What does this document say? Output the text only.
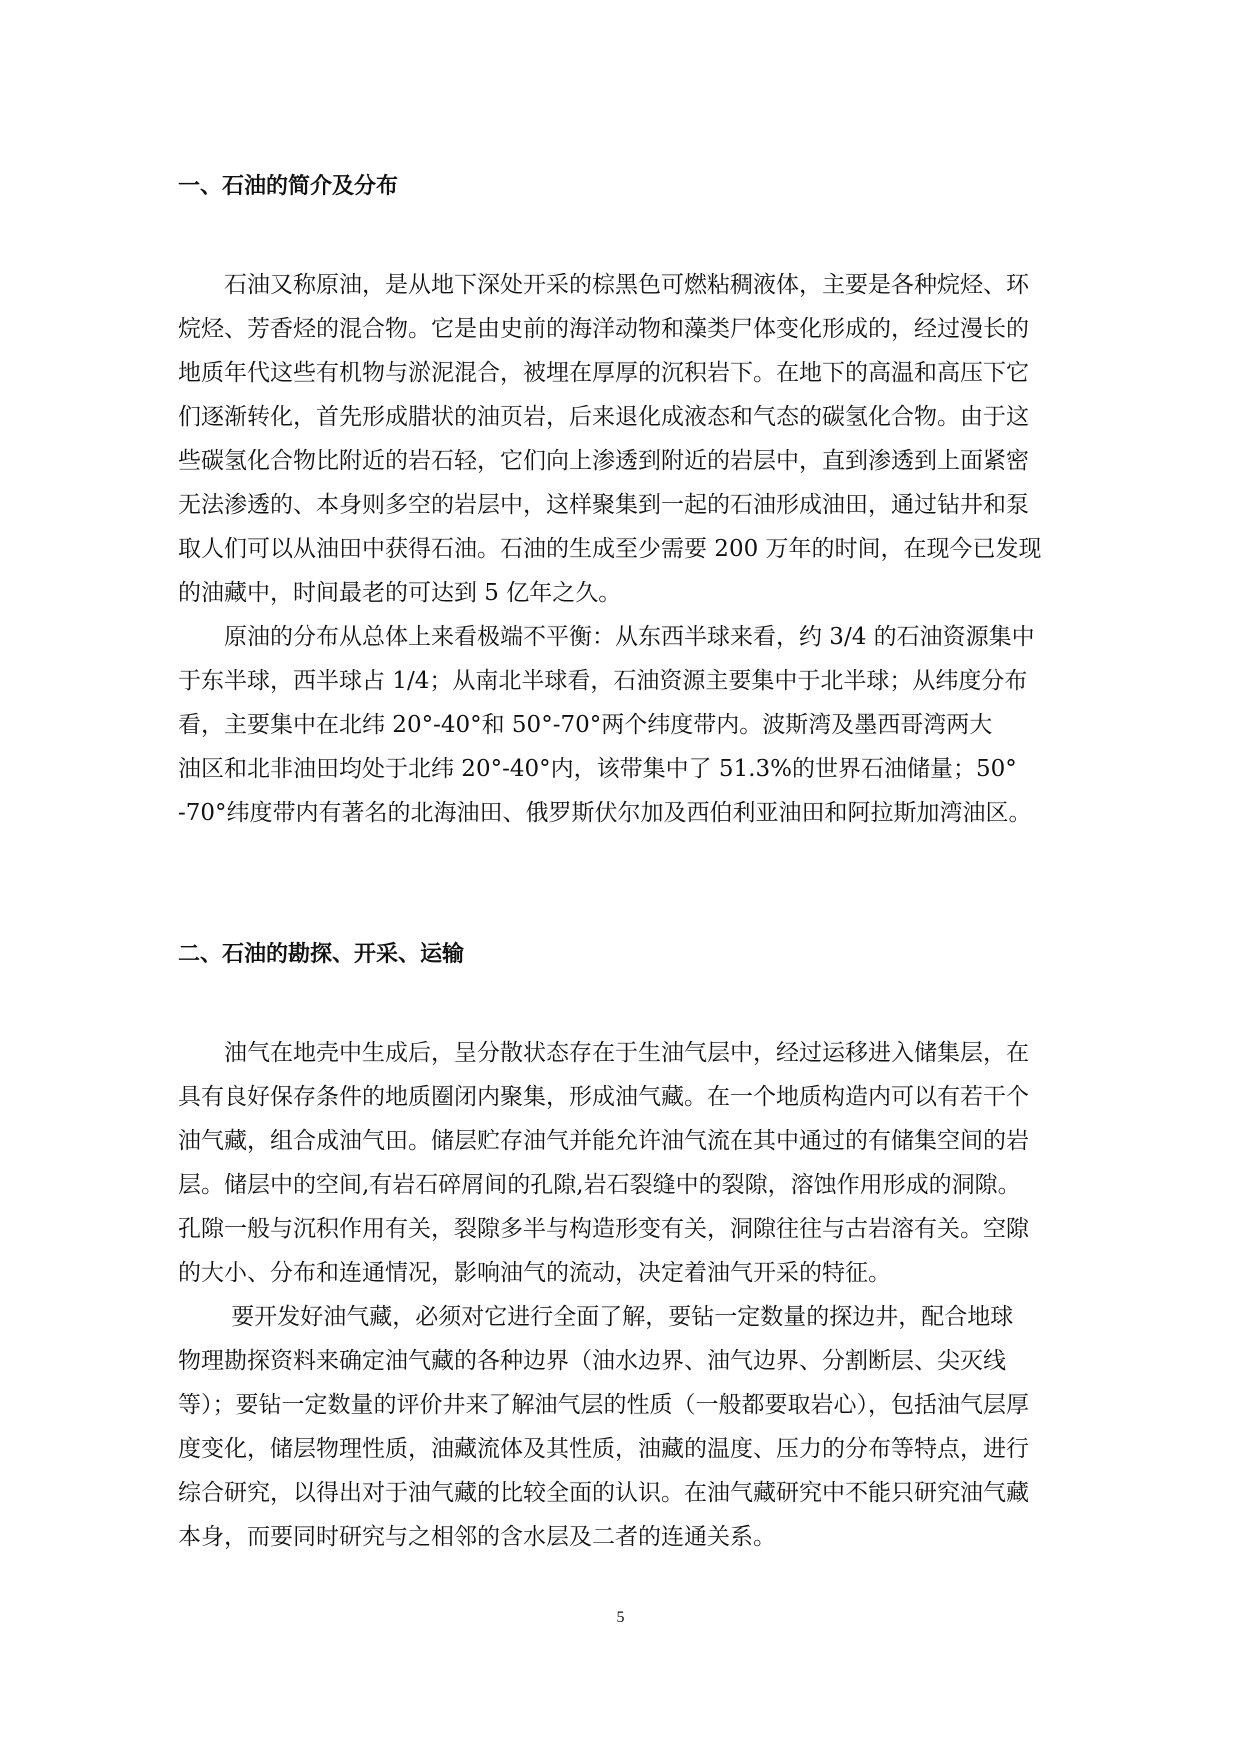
一、石油的简介及分布
　　石油又称原油，是从地下深处开采的棕黑色可燃粘稠液体，主要是各种烷烃、环
烷烃、芳香烃的混合物。它是由史前的海洋动物和藻类尸体变化形成的，经过漫长的
地质年代这些有机物与淤泥混合，被埋在厚厚的沉积岩下。在地下的高温和高压下它
们逐渐转化，首先形成腊状的油页岩，后来退化成液态和气态的碳氢化合物。由于这
些碳氢化合物比附近的岩石轻，它们向上渗透到附近的岩层中，直到渗透到上面紧密
无法渗透的、本身则多空的岩层中，这样聚集到一起的石油形成油田，通过钻井和泵
取人们可以从油田中获得石油。石油的生成至少需要 200 万年的时间，在现今已发现
的油藏中，时间最老的可达到 5 亿年之久。
　　原油的分布从总体上来看极端不平衡：从东西半球来看，约 3/4 的石油资源集中
于东半球，西半球占 1/4；从南北半球看，石油资源主要集中于北半球；从纬度分布
看，主要集中在北纬 20°-40°和 50°-70°两个纬度带内。波斯湾及墨西哥湾两大
油区和北非油田均处于北纬 20°-40°内，该带集中了 51.3%的世界石油储量；50°
-70°纬度带内有著名的北海油田、俄罗斯伏尔加及西伯利亚油田和阿拉斯加湾油区。
二、石油的勘探、开采、运输
　　油气在地壳中生成后，呈分散状态存在于生油气层中，经过运移进入储集层，在
具有良好保存条件的地质圈闭内聚集，形成油气藏。在一个地质构造内可以有若干个
油气藏，组合成油气田。储层贮存油气并能允许油气流在其中通过的有储集空间的岩
层。储层中的空间,有岩石碎屑间的孔隙,岩石裂缝中的裂隙，溶蚀作用形成的洞隙。
孔隙一般与沉积作用有关，裂隙多半与构造形变有关，洞隙往往与古岩溶有关。空隙
的大小、分布和连通情况，影响油气的流动，决定着油气开采的特征。
　　 要开发好油气藏，必须对它进行全面了解，要钻一定数量的探边井，配合地球
物理勘探资料来确定油气藏的各种边界（油水边界、油气边界、分割断层、尖灭线
等）；要钻一定数量的评价井来了解油气层的性质（一般都要取岩心），包括油气层厚
度变化，储层物理性质，油藏流体及其性质，油藏的温度、压力的分布等特点，进行
综合研究，以得出对于油气藏的比较全面的认识。在油气藏研究中不能只研究油气藏
本身，而要同时研究与之相邻的含水层及二者的连通关系。
5
